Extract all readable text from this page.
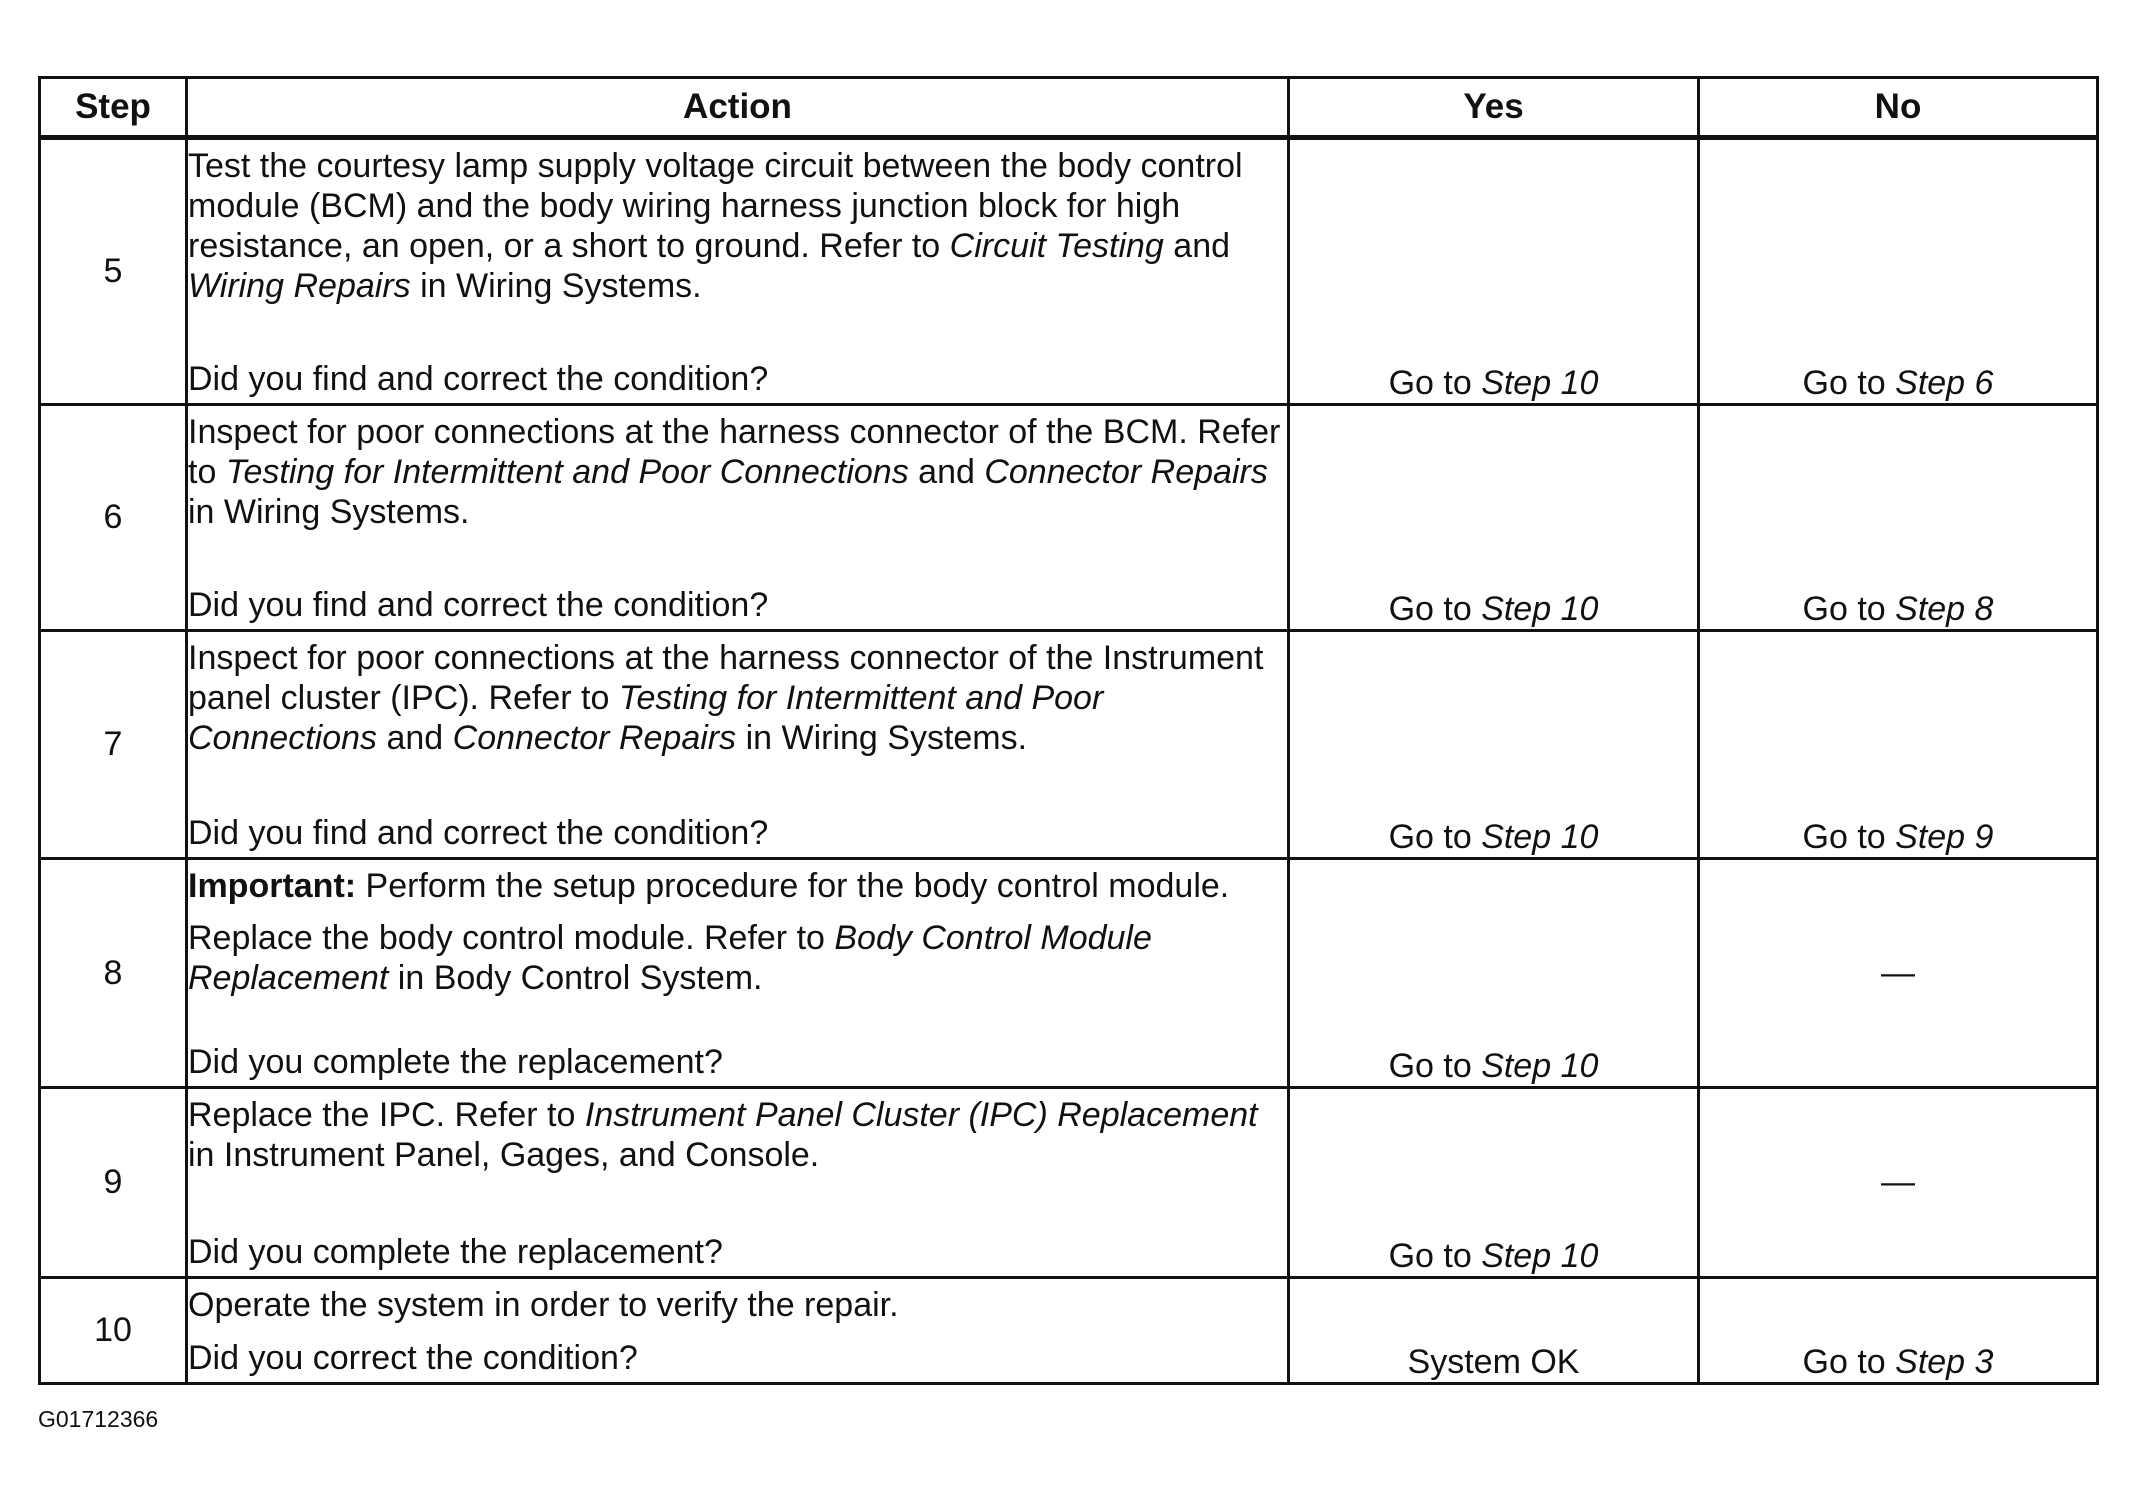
Step	Action	Yes	No
5	Test the courtesy lamp supply voltage circuit between the body control module (BCM) and the body wiring harness junction block for high resistance, an open, or a short to ground. Refer to Circuit Testing and Wiring Repairs in Wiring Systems.

Did you find and correct the condition?	Go to Step 10	Go to Step 6
6	Inspect for poor connections at the harness connector of the BCM. Refer to Testing for Intermittent and Poor Connections and Connector Repairs in Wiring Systems.

Did you find and correct the condition?	Go to Step 10	Go to Step 8
7	Inspect for poor connections at the harness connector of the Instrument panel cluster (IPC). Refer to Testing for Intermittent and Poor Connections and Connector Repairs in Wiring Systems.

Did you find and correct the condition?	Go to Step 10	Go to Step 9
8	Important: Perform the setup procedure for the body control module.

Replace the body control module. Refer to Body Control Module Replacement in Body Control System.

Did you complete the replacement?	Go to Step 10	—
9	Replace the IPC. Refer to Instrument Panel Cluster (IPC) Replacement in Instrument Panel, Gages, and Console.

Did you complete the replacement?	Go to Step 10	—
10	Operate the system in order to verify the repair.

Did you correct the condition?	System OK	Go to Step 3
G01712366
